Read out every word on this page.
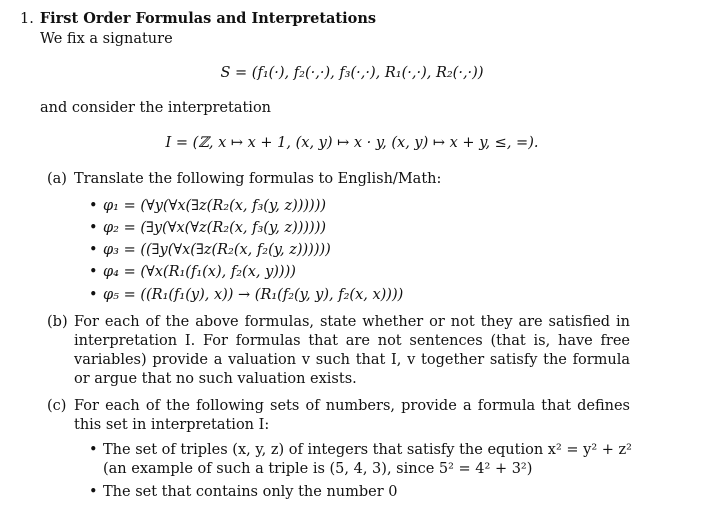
1. First Order Formulas and Interpretations
We fix a signature
S = (f₁(·), f₂(·,·), f₃(·,·), R₁(·,·), R₂(·,·))
and consider the interpretation
I = (ℤ, x ↦ x + 1, (x, y) ↦ x · y, (x, y) ↦ x + y, ≤, =).
(a) Translate the following formulas to English/Math:
• φ₁ = (∀y(∀x(∃z(R₂(x, f₃(y, z))))))
• φ₂ = (∃y(∀x(∀z(R₂(x, f₃(y, z))))))
• φ₃ = ((∃y(∀x(∃z(R₂(x, f₂(y, z))))))
• φ₄ = (∀x(R₁(f₁(x), f₂(x, y))))
• φ₅ = ((R₁(f₁(y), x)) → (R₁(f₂(y, y), f₂(x, x))))
(b) For each of the above formulas, state whether or not they are satisfied in interpretation I. For formulas that are not sentences (that is, have free variables) provide a valuation v such that I, v together satisfy the formula or argue that no such valuation exists.
(c) For each of the following sets of numbers, provide a formula that defines this set in interpretation I:
• The set of triples (x, y, z) of integers that satisfy the eqution x² = y² + z² (an example of such a triple is (5, 4, 3), since 5² = 4² + 3²)
• The set that contains only the number 0
